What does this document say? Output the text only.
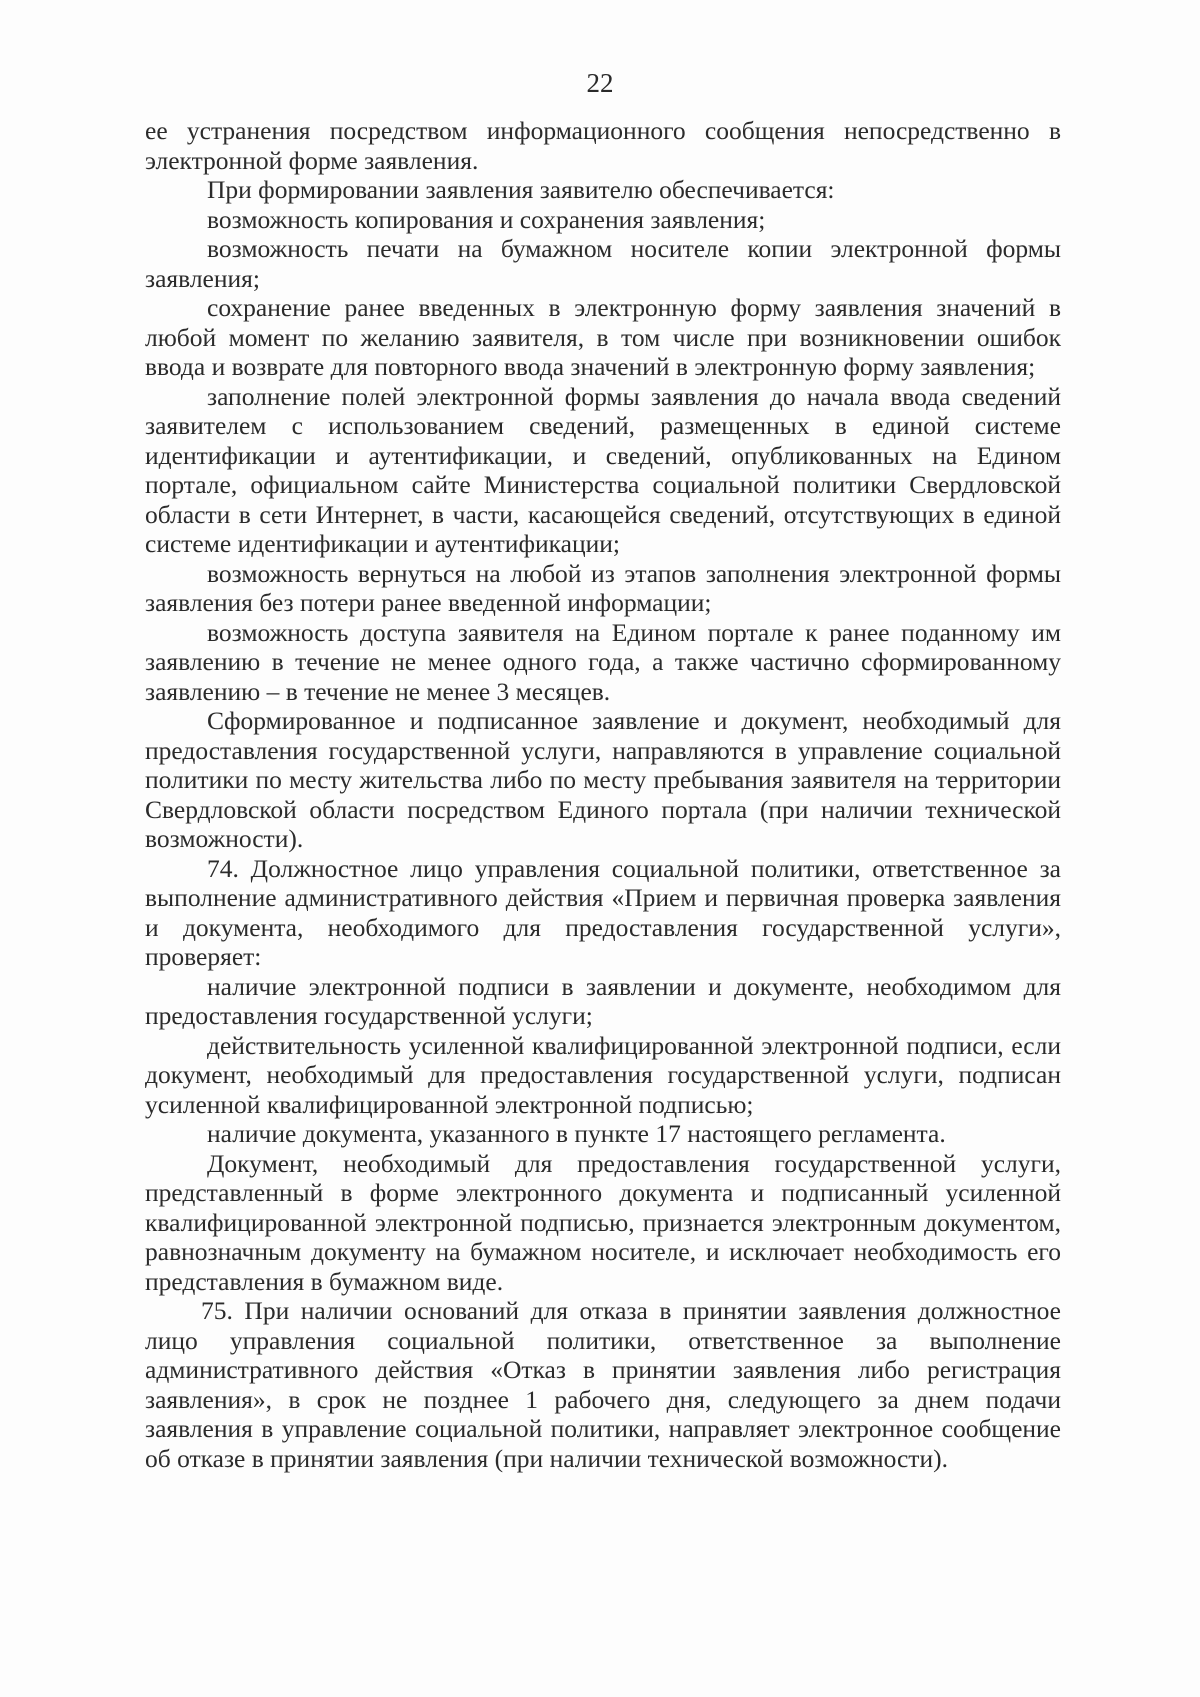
22

ее устранения посредством информационного сообщения непосредственно в электронной форме заявления.

При формировании заявления заявителю обеспечивается:

возможность копирования и сохранения заявления;

возможность печати на бумажном носителе копии электронной формы заявления;

сохранение ранее введенных в электронную форму заявления значений в любой момент по желанию заявителя, в том числе при возникновении ошибок ввода и возврате для повторного ввода значений в электронную форму заявления;

заполнение полей электронной формы заявления до начала ввода сведений заявителем с использованием сведений, размещенных в единой системе идентификации и аутентификации, и сведений, опубликованных на Едином портале, официальном сайте Министерства социальной политики Свердловской области в сети Интернет, в части, касающейся сведений, отсутствующих в единой системе идентификации и аутентификации;

возможность вернуться на любой из этапов заполнения электронной формы заявления без потери ранее введенной информации;

возможность доступа заявителя на Едином портале к ранее поданному им заявлению в течение не менее одного года, а также частично сформированному заявлению – в течение не менее 3 месяцев.

Сформированное и подписанное заявление и документ, необходимый для предоставления государственной услуги, направляются в управление социальной политики по месту жительства либо по месту пребывания заявителя на территории Свердловской области посредством Единого портала (при наличии технической возможности).

74. Должностное лицо управления социальной политики, ответственное за выполнение административного действия «Прием и первичная проверка заявления и документа, необходимого для предоставления государственной услуги», проверяет:

наличие электронной подписи в заявлении и документе, необходимом для предоставления государственной услуги;

действительность усиленной квалифицированной электронной подписи, если документ, необходимый для предоставления государственной услуги, подписан усиленной квалифицированной электронной подписью;

наличие документа, указанного в пункте 17 настоящего регламента.

Документ, необходимый для предоставления государственной услуги, представленный в форме электронного документа и подписанный усиленной квалифицированной электронной подписью, признается электронным документом, равнозначным документу на бумажном носителе, и исключает необходимость его представления в бумажном виде.

75. При наличии оснований для отказа в принятии заявления должностное лицо управления социальной политики, ответственное за выполнение административного действия «Отказ в принятии заявления либо регистрация заявления», в срок не позднее 1 рабочего дня, следующего за днем подачи заявления в управление социальной политики, направляет электронное сообщение об отказе в принятии заявления (при наличии технической возможности).
